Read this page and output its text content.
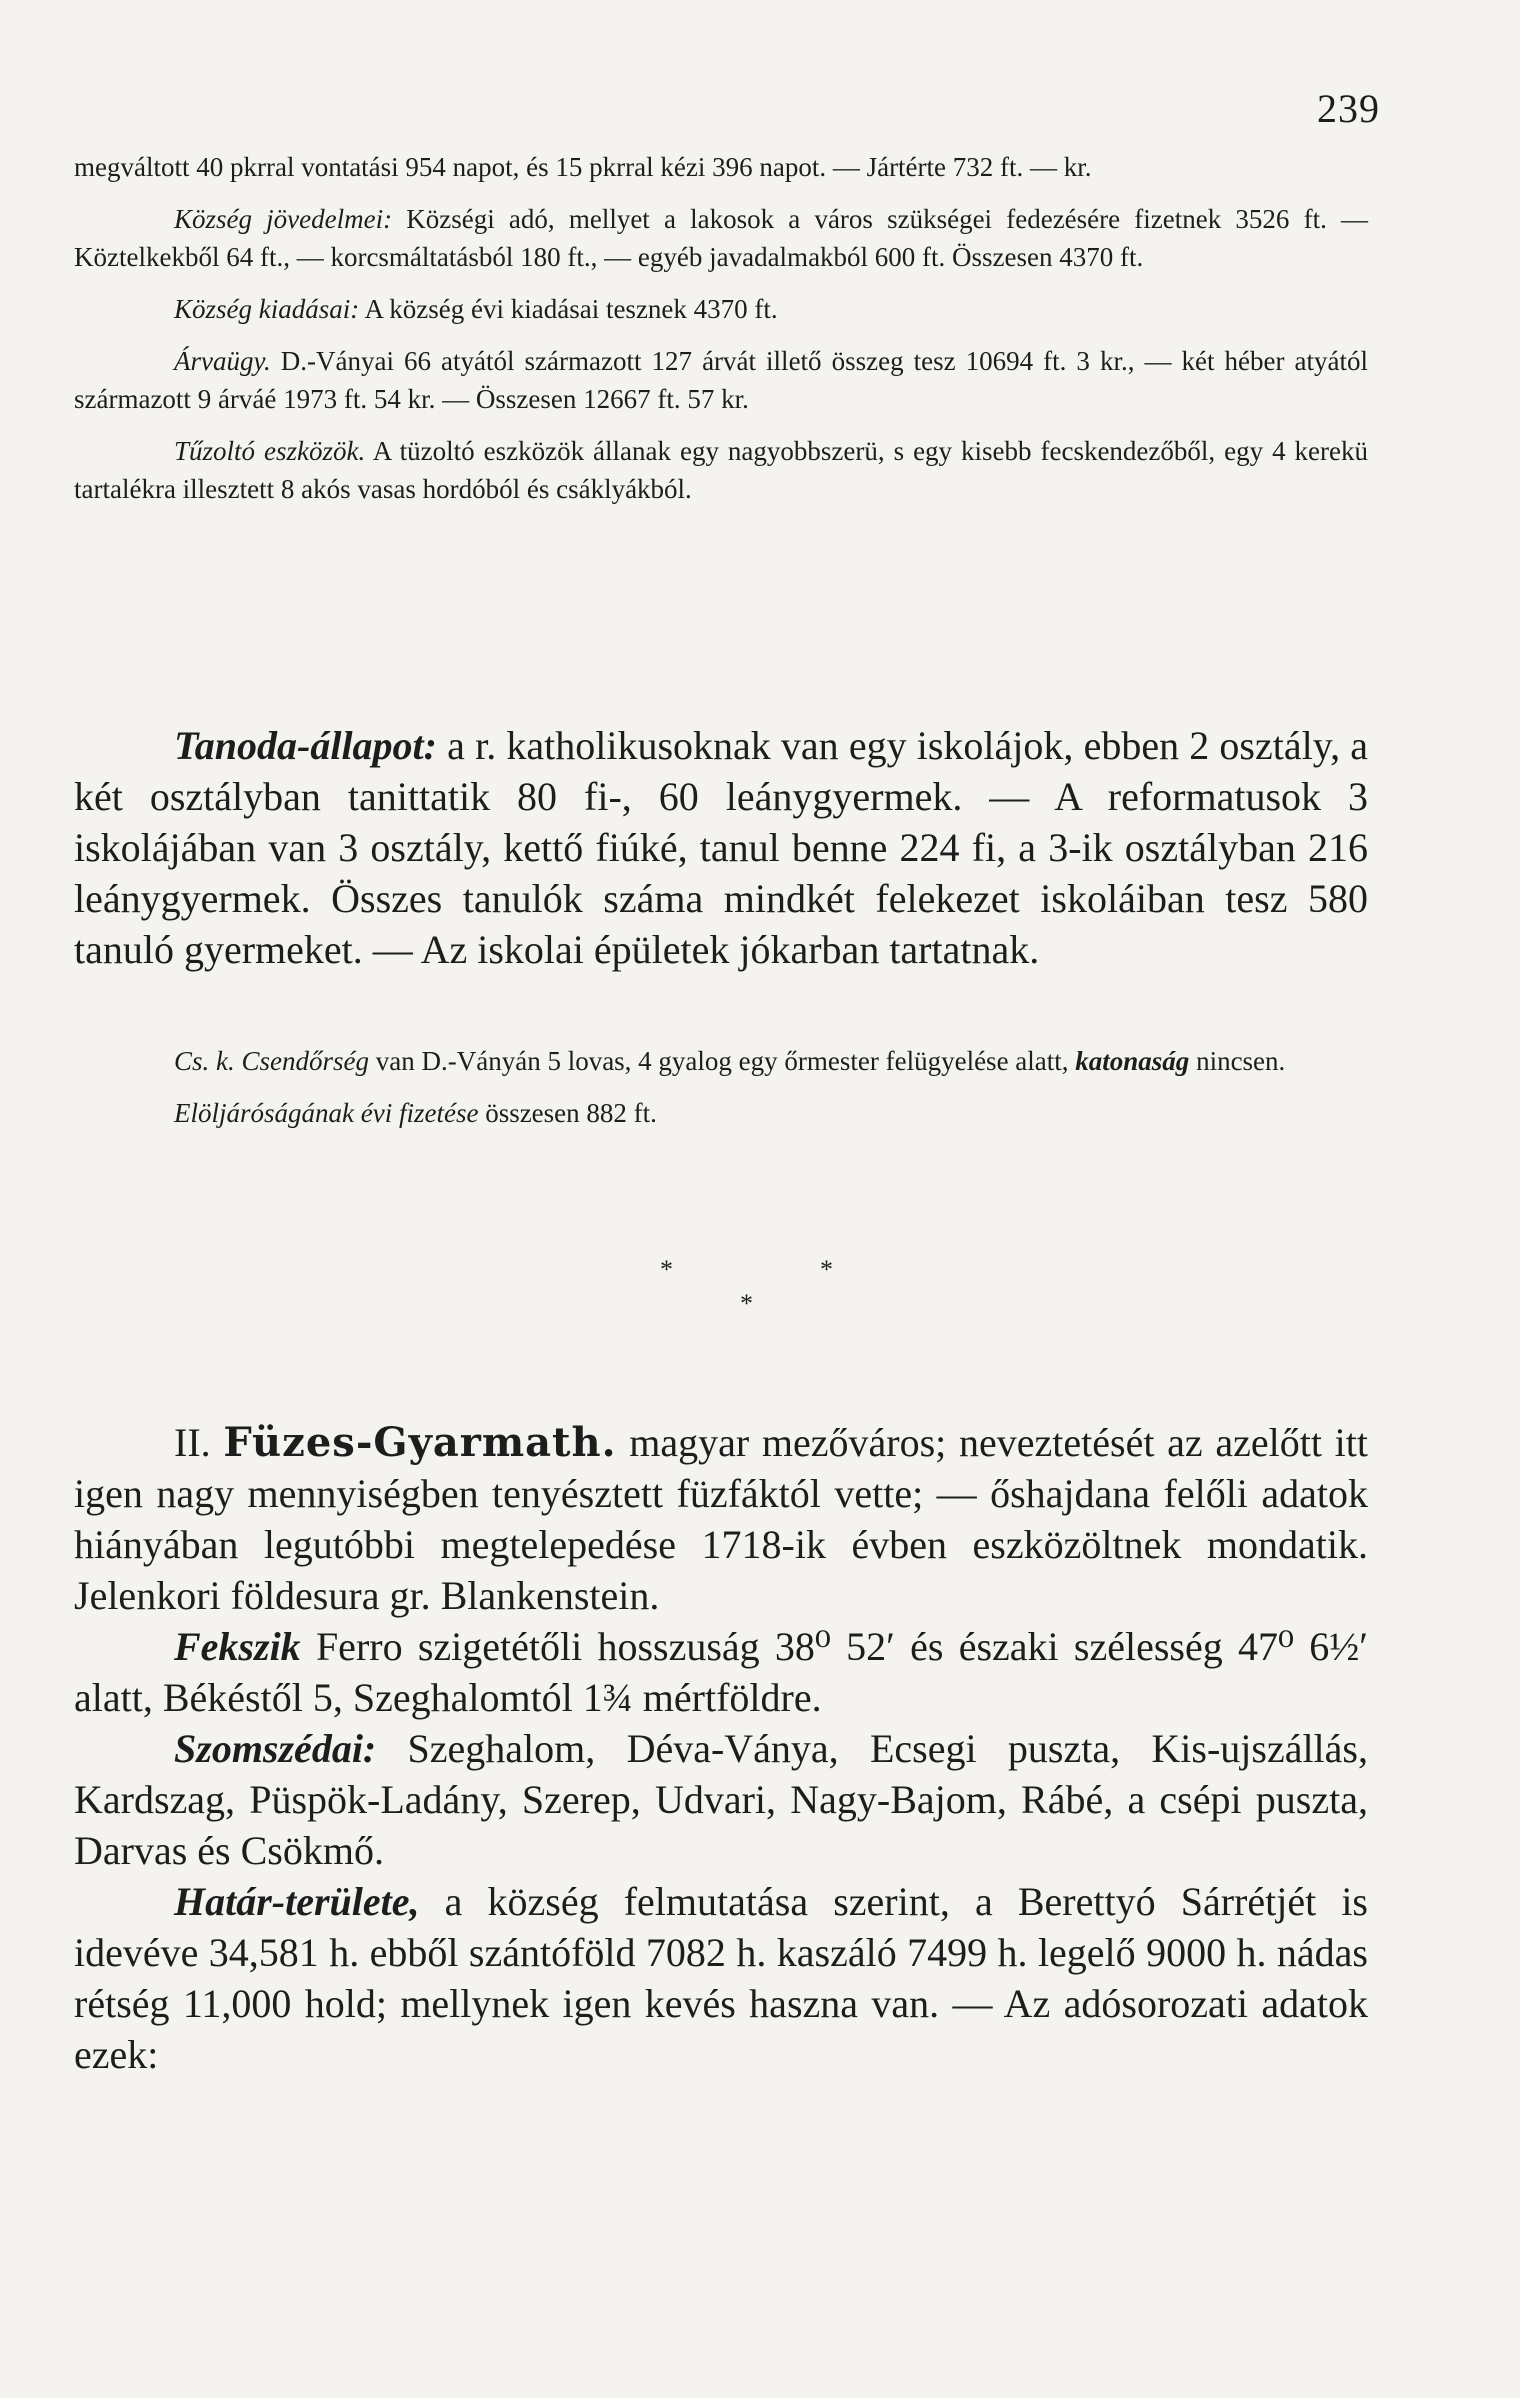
239

megváltott 40 pkrral vontatási 954 napot, és 15 pkrral kézi 396 napot. — Jártérte 732 ft. — kr.

Község jövedelmei: Községi adó, mellyet a lakosok a város szükségei fedezésére fizetnek 3526 ft. — Köztelkekből 64 ft., — korcsmáltatásból 180 ft., — egyéb javadalmakból 600 ft. Összesen 4370 ft.

Község kiadásai: A község évi kiadásai tesznek 4370 ft.

Árvaügy. D.-Ványai 66 atyától származott 127 árvát illető összeg tesz 10694 ft. 3 kr., — két héber atyától származott 9 árváé 1973 ft. 54 kr. — Összesen 12667 ft. 57 kr.

Tűzoltó eszközök. A tüzoltó eszközök állanak egy nagyobbszerü, s egy kisebb fecskendezőből, egy 4 kerekü tartalékra illesztett 8 akós vasas hordóból és csáklyákból.

Tanoda-állapot: a r. katholikusoknak van egy iskolájok, ebben 2 osztály, a két osztályban tanittatik 80 fi-, 60 leánygyermek. — A reformatusok 3 iskolájában van 3 osztály, kettő fiúké, tanul benne 224 fi, a 3-ik osztályban 216 leánygyermek. Összes tanulók száma mindkét felekezet iskoláiban tesz 580 tanuló gyermeket. — Az iskolai épületek jókarban tartatnak.

Cs. k. Csendőrség van D.-Ványán 5 lovas, 4 gyalog egy őrmester felügyelése alatt, katonaság nincsen.

Elöljáróságának évi fizetése összesen 882 ft.

*	*
*

II. Füzes-Gyarmath. magyar mezőváros; neveztetését az azelőtt itt igen nagy mennyiségben tenyésztett füzfáktól vette; — őshajdana felőli adatok hiányában legutóbbi megtelepedése 1718-ik évben eszközöltnek mondatik. Jelenkori földesura gr. Blankenstein.

Fekszik Ferro szigetétőli hosszuság 38⁰ 52′ és északi szélesség 47⁰ 6½′ alatt, Békéstől 5, Szeghalomtól 1¾ mértföldre.

Szomszédai: Szeghalom, Déva-Ványa, Ecsegi puszta, Kis-ujszállás, Kardszag, Püspök-Ladány, Szerep, Udvari, Nagy-Bajom, Rábé, a csépi puszta, Darvas és Csökmő.

Határ-területe, a község felmutatása szerint, a Berettyó Sárrétjét is idevéve 34,581 h. ebből szántóföld 7082 h. kaszáló 7499 h. legelő 9000 h. nádas rétség 11,000 hold; mellynek igen kevés haszna van. — Az adósorozati adatok ezek:
